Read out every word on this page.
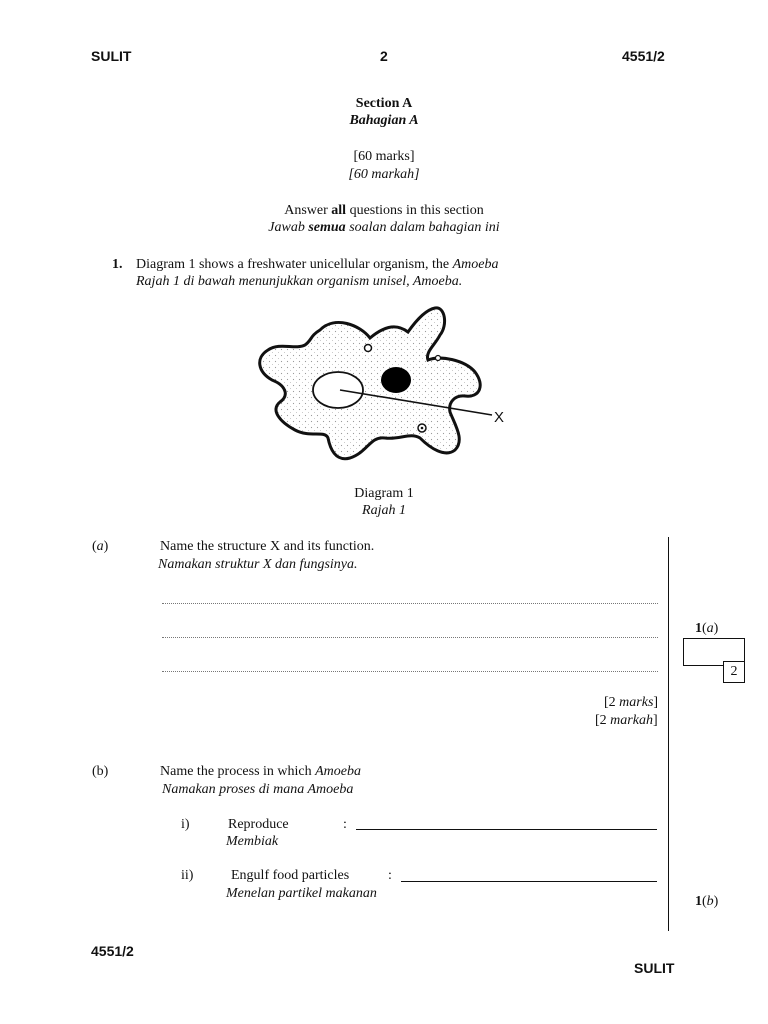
SULIT	2	4551/2
Section A
Bahagian A
[60 marks]
[60 markah]
Answer all questions in this section
Jawab semua soalan dalam bahagian ini
1. Diagram 1 shows a freshwater unicellular organism, the Amoeba
Rajah 1 di bawah menunjukkan organism unisel, Amoeba.
X
Diagram 1
Rajah 1
(a)	Name the structure X and its function.
Namakan struktur X dan fungsinya.
[2 marks]
[2 markah]
1(a)
2
(b)	Name the process in which Amoeba
Namakan proses di mana Amoeba
i)	Reproduce
Membiak
:
ii)	Engulf food particles
Menelan partikel makanan
:
1(b)
4551/2
SULIT
